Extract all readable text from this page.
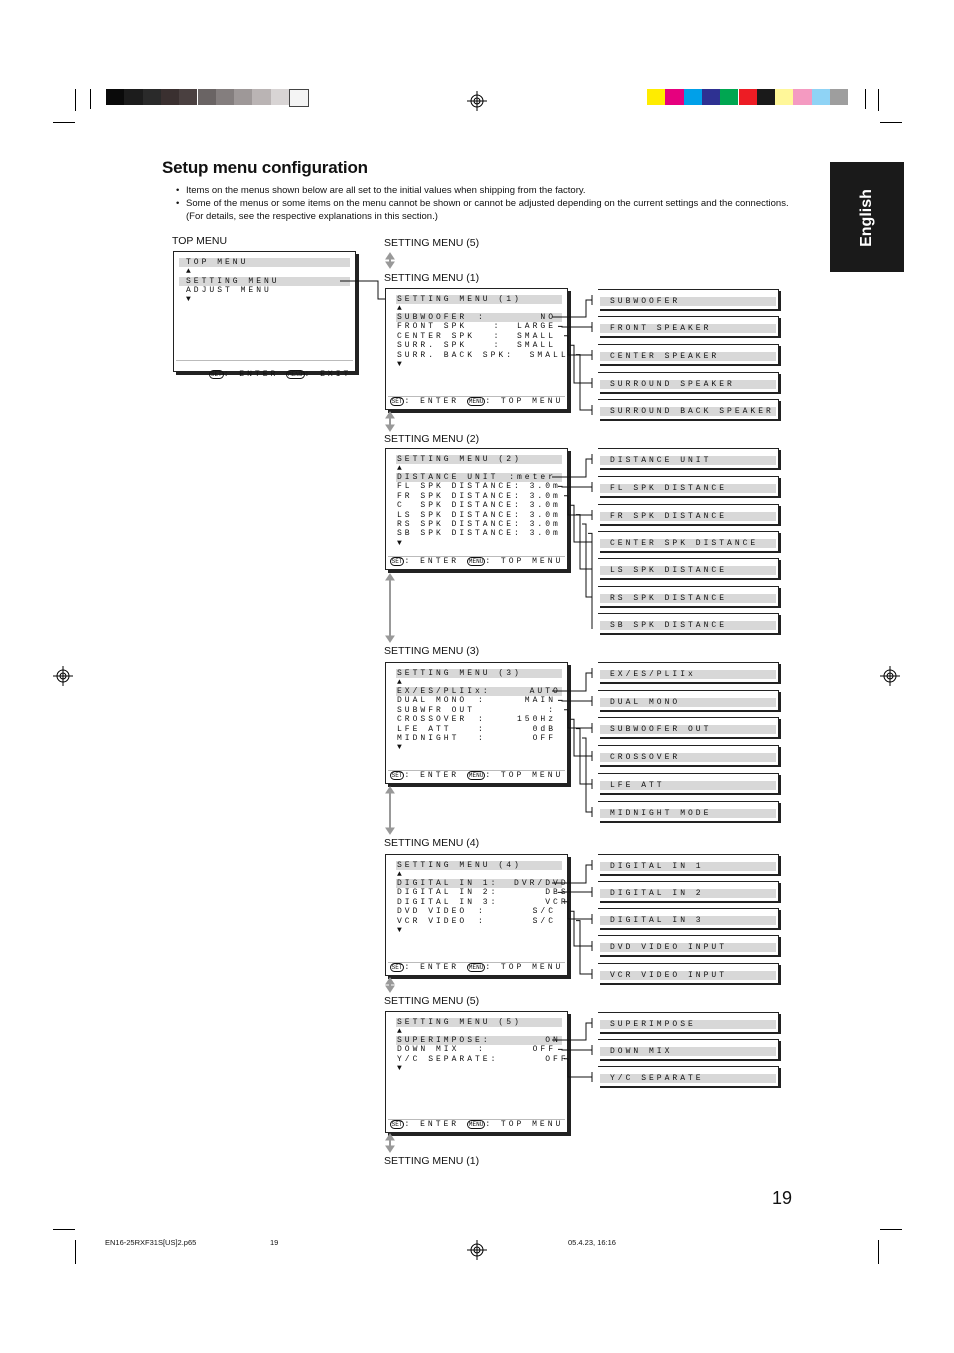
English
Setup menu configuration
• Items on the menus shown below are all set to the initial values when shipping from the factory.
• Some of the menus or some items on the menu cannot be shown or cannot be adjusted depending on the current settings and the connections. (For details, see the respective explanations in this section.)
TOP MENU	SETTING MENU (5)
SETTING MENU (1)
SETTING MENU (2)
SETTING MENU (3)
SETTING MENU (4)
SETTING MENU (5)
SETTING MENU (1)

TOP MENU

▲

SETTING MENU

ADJUST MENU

▼

SET : ENTER MENU : EXIT

SETTING MENU (1)
▲
SUBWOOFER :       NO
FRONT SPK	:  LARGE
CENTER SPK :  SMALL
SURR. SPK	:  SMALL
SURR. BACK SPK :  SMALL
▼
SET : ENTER MENU : TOP MENU
SETTING MENU (2)
▲
DISTANCE UNIT :meter
FL SPK DISTANCE : 3.0m
FR SPK DISTANCE : 3.0m
C  SPK DISTANCE : 3.0m
LS SPK DISTANCE : 3.0m
RS SPK DISTANCE : 3.0m
SB SPK DISTANCE : 3.0m
▼
SET : ENTER MENU : TOP MENU
SETTING MENU (3)
▲
EX/ES/PLIIx :     AUTO
DUAL MONO :     MAIN
SUBWFR OUT	:
CROSSOVER :    150Hz
LFE ATT	:      0dB
MIDNIGHT :      OFF
▼
SET : ENTER MENU : TOP MENU
SETTING MENU (4)
▲
DIGITAL IN 1 :  DVR/DVD
DIGITAL IN 2 :      DBS
DIGITAL IN 3 :      VCR
DVD VIDEO :      S/C
VCR VIDEO :      S/C
▼
SET : ENTER MENU : TOP MENU
SETTING MENU (5)
▲
SUPERIMPOSE :       ON
DOWN MIX :      OFF
Y/C SEPARATE :      OFF
▼
SET : ENTER MENU : TOP MENU
SUBWOOFER
FRONT SPEAKER
CENTER SPEAKER
SURROUND SPEAKER
SURROUND BACK SPEAKER
DISTANCE UNIT
FL SPK DISTANCE
FR SPK DISTANCE
CENTER SPK DISTANCE
LS SPK DISTANCE
RS SPK DISTANCE
SB SPK DISTANCE
EX/ES/PLIIx
DUAL MONO
SUBWOOFER OUT
CROSSOVER
LFE ATT
MIDNIGHT MODE
DIGITAL IN 1
DIGITAL IN 2
DIGITAL IN 3
DVD VIDEO INPUT
VCR VIDEO INPUT
SUPERIMPOSE
DOWN MIX
Y/C SEPARATE
19
EN16-25RXF31S[US]2.p65	19	05.4.23, 16:16
